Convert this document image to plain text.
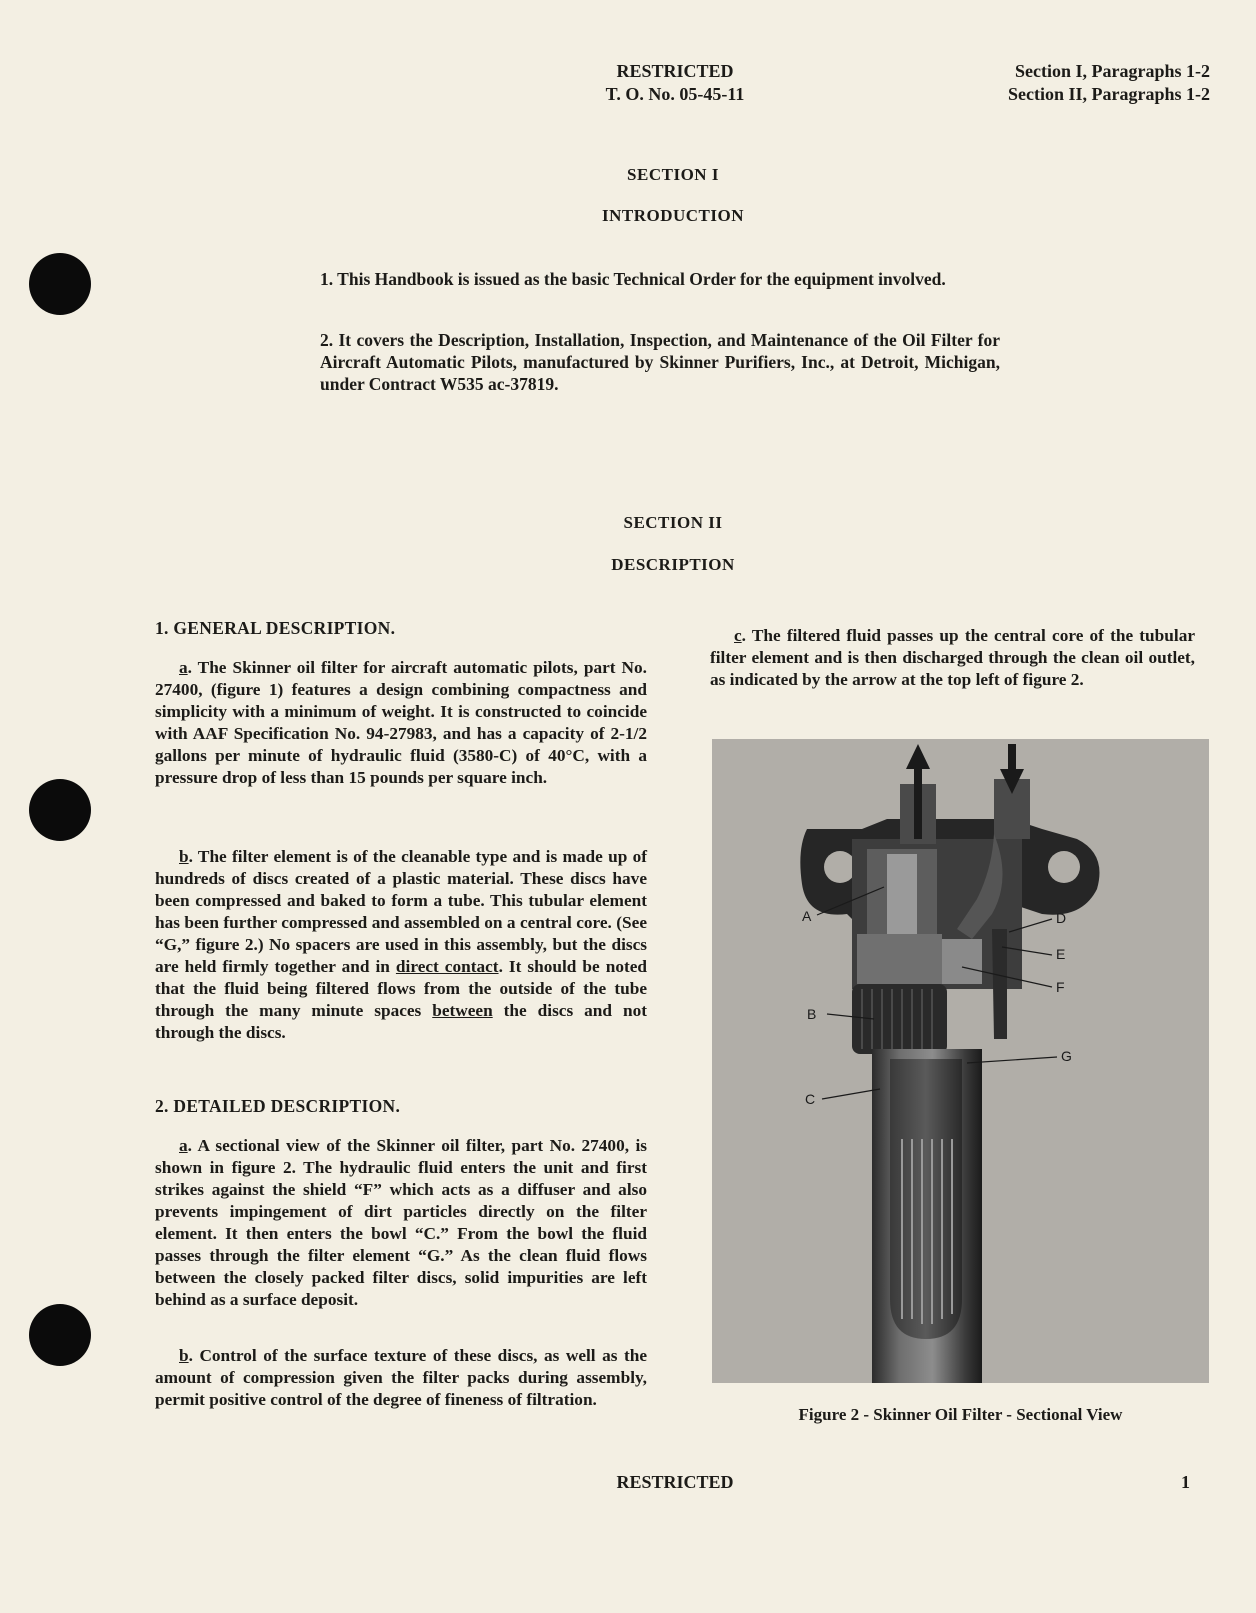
RESTRICTED
T. O. No. 05-45-11
Section I, Paragraphs 1-2
Section II, Paragraphs 1-2
SECTION I
INTRODUCTION
1. This Handbook is issued as the basic Technical Order for the equipment involved.
2. It covers the Description, Installation, Inspection, and Maintenance of the Oil Filter for Aircraft Automatic Pilots, manufactured by Skinner Purifiers, Inc., at Detroit, Michigan, under Contract W535 ac-37819.
SECTION II
DESCRIPTION
1. GENERAL DESCRIPTION.
a. The Skinner oil filter for aircraft automatic pilots, part No. 27400, (figure 1) features a design combining compactness and simplicity with a minimum of weight. It is constructed to coincide with AAF Specification No. 94-27983, and has a capacity of 2-1/2 gallons per minute of hydraulic fluid (3580-C) of 40°C, with a pressure drop of less than 15 pounds per square inch.
b. The filter element is of the cleanable type and is made up of hundreds of discs created of a plastic material. These discs have been compressed and baked to form a tube. This tubular element has been further compressed and assembled on a central core. (See “G,” figure 2.) No spacers are used in this assembly, but the discs are held firmly together and in direct contact. It should be noted that the fluid being filtered flows from the outside of the tube through the many minute spaces between the discs and not through the discs.
2. DETAILED DESCRIPTION.
a. A sectional view of the Skinner oil filter, part No. 27400, is shown in figure 2. The hydraulic fluid enters the unit and first strikes against the shield “F” which acts as a diffuser and also prevents impingement of dirt particles directly on the filter element. It then enters the bowl “C.” From the bowl the fluid passes through the filter element “G.” As the clean fluid flows between the closely packed filter discs, solid impurities are left behind as a surface deposit.
b. Control of the surface texture of these discs, as well as the amount of compression given the filter packs during assembly, permit positive control of the degree of fineness of filtration.
c. The filtered fluid passes up the central core of the tubular filter element and is then discharged through the clean oil outlet, as indicated by the arrow at the top left of figure 2.
A
B
C
D
E
F
G
Figure 2 - Skinner Oil Filter - Sectional View
RESTRICTED	1
